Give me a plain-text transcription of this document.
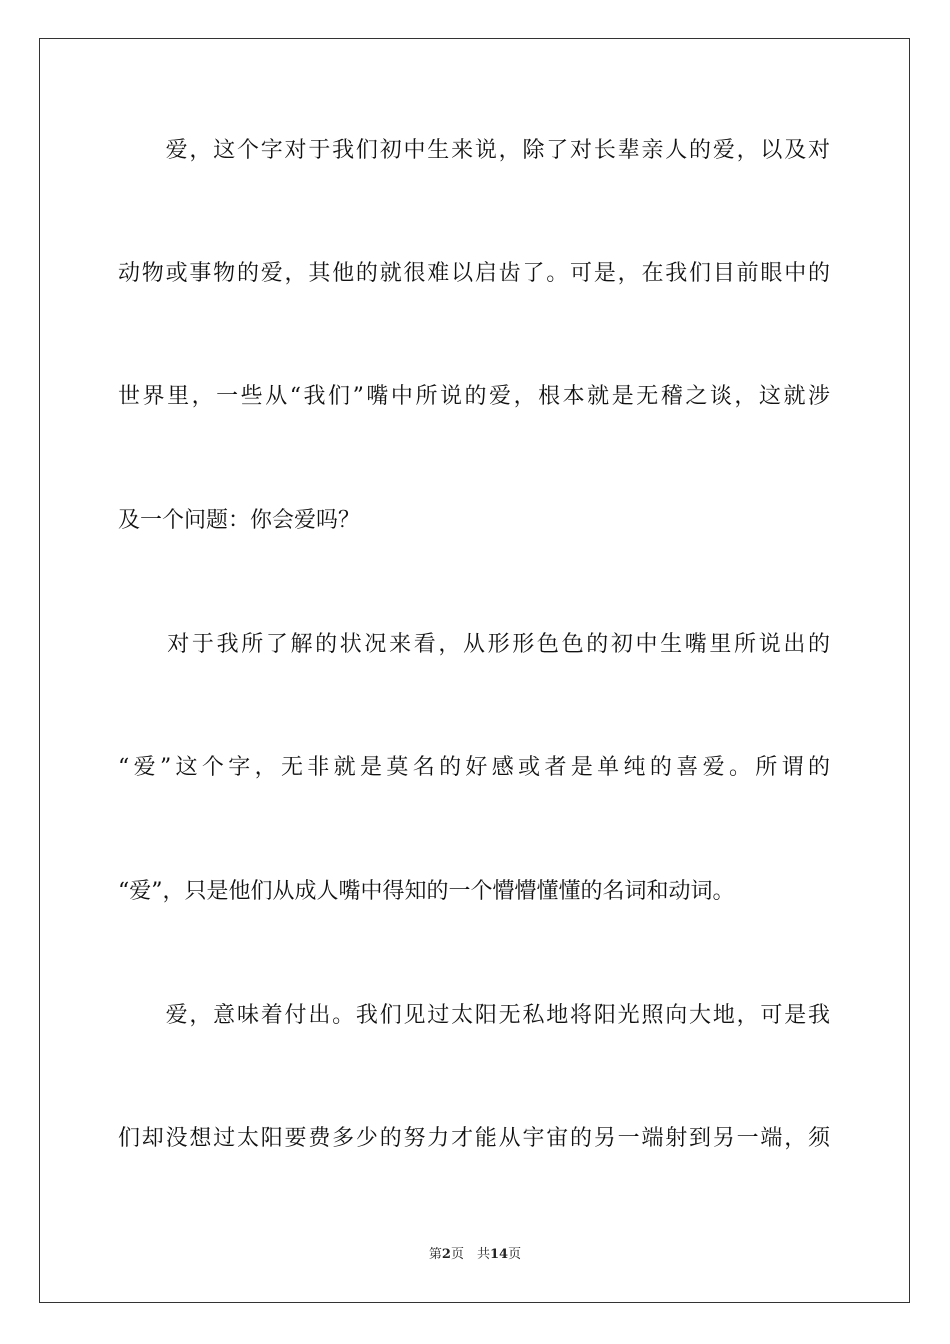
　　爱，这个字对于我们初中生来说，除了对长辈亲人的爱，以及对
动物或事物的爱，其他的就很难以启齿了。可是，在我们目前眼中的
世界里，一些从“我们”嘴中所说的爱，根本就是无稽之谈，这就涉
及一个问题：你会爱吗？
　　对于我所了解的状况来看，从形形色色的初中生嘴里所说出的
“爱”这个字，无非就是莫名的好感或者是单纯的喜爱。所谓的
“爱”，只是他们从成人嘴中得知的一个懵懵懂懂的名词和动词。
　　爱，意味着付出。我们见过太阳无私地将阳光照向大地，可是我
们却没想过太阳要费多少的努力才能从宇宙的另一端射到另一端，须
第2页　共14页
